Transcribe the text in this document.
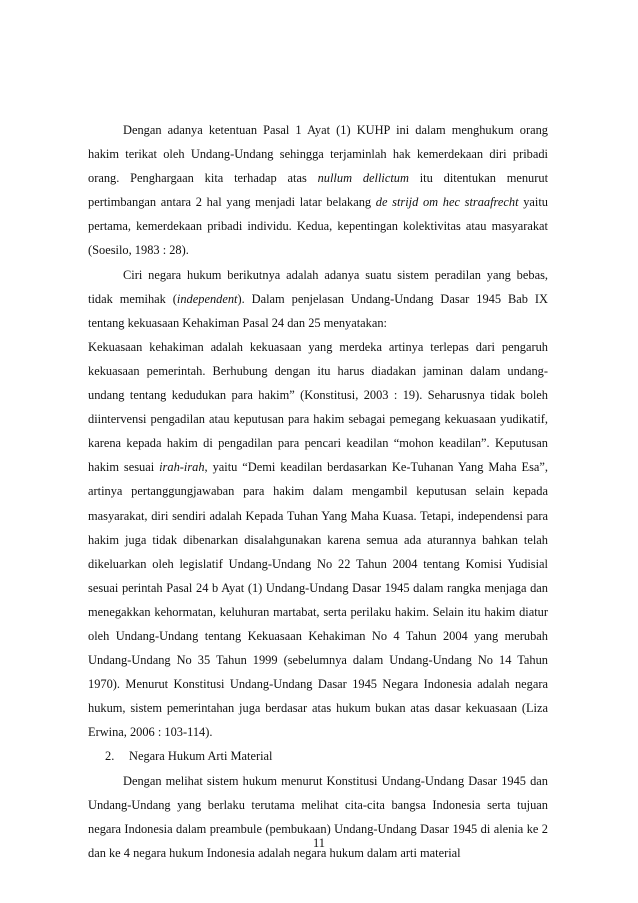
Dengan adanya ketentuan Pasal 1 Ayat (1) KUHP ini dalam menghukum orang hakim terikat oleh Undang-Undang sehingga terjaminlah hak kemerdekaan diri pribadi orang. Penghargaan kita terhadap atas nullum dellictum itu ditentukan menurut pertimbangan antara 2 hal yang menjadi latar belakang de strijd om hec straafrecht yaitu pertama, kemerdekaan pribadi individu. Kedua, kepentingan kolektivitas atau masyarakat (Soesilo, 1983 : 28).

Ciri negara hukum berikutnya adalah adanya suatu sistem peradilan yang bebas, tidak memihak (independent). Dalam penjelasan Undang-Undang Dasar 1945 Bab IX tentang kekuasaan Kehakiman Pasal 24 dan 25 menyatakan:

Kekuasaan kehakiman adalah kekuasaan yang merdeka artinya terlepas dari pengaruh kekuasaan pemerintah. Berhubung dengan itu harus diadakan jaminan dalam undang-undang tentang kedudukan para hakim” (Konstitusi, 2003 : 19). Seharusnya tidak boleh diintervensi pengadilan atau keputusan para hakim sebagai pemegang kekuasaan yudikatif, karena kepada hakim di pengadilan para pencari keadilan “mohon keadilan”. Keputusan hakim sesuai irah-irah, yaitu “Demi keadilan berdasarkan Ke-Tuhanan Yang Maha Esa”, artinya pertanggungjawaban para hakim dalam mengambil keputusan selain kepada masyarakat, diri sendiri adalah Kepada Tuhan Yang Maha Kuasa. Tetapi, independensi para hakim juga tidak dibenarkan disalahgunakan karena semua ada aturannya bahkan telah dikeluarkan oleh legislatif Undang-Undang No 22 Tahun 2004 tentang Komisi Yudisial sesuai perintah Pasal 24 b Ayat (1) Undang-Undang Dasar 1945 dalam rangka menjaga dan menegakkan kehormatan, keluhuran martabat, serta perilaku hakim. Selain itu hakim diatur oleh Undang-Undang tentang Kekuasaan Kehakiman No 4 Tahun 2004 yang merubah Undang-Undang No 35 Tahun 1999 (sebelumnya dalam Undang-Undang No 14 Tahun 1970). Menurut Konstitusi Undang-Undang Dasar 1945 Negara Indonesia adalah negara hukum, sistem pemerintahan juga berdasar atas hukum bukan atas dasar kekuasaan (Liza Erwina, 2006 : 103-114).

2. Negara Hukum Arti Material

Dengan melihat sistem hukum menurut Konstitusi Undang-Undang Dasar 1945 dan Undang-Undang yang berlaku terutama melihat cita-cita bangsa Indonesia serta tujuan negara Indonesia dalam preambule (pembukaan) Undang-Undang Dasar 1945 di alenia ke 2 dan ke 4 negara hukum Indonesia adalah negara hukum dalam arti material

11
